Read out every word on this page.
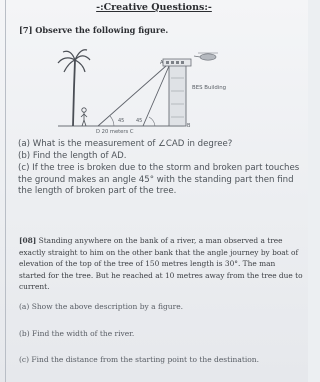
-:Creative Questions:-
[7] Observe the following figure.
BES Building
D 20 meters C
45 45
A
B
(a) What is the measurement of ∠CAD in degree?
(b) Find the length of AD.
(c) If the tree is broken due to the storm and broken part touches the ground makes an angle 45° with the standing part then find the length of broken part of the tree.
[08] Standing anywhere on the bank of a river, a man observed a tree exactly straight to him on the other bank that the angle journey by boat of elevation of the top of the tree of 150 metres length is 30°. The man started for the tree. But he reached at 10 metres away from the tree due to current.
(a) Show the above description by a figure.
(b) Find the width of the river.
(c) Find the distance from the starting point to the destination.
